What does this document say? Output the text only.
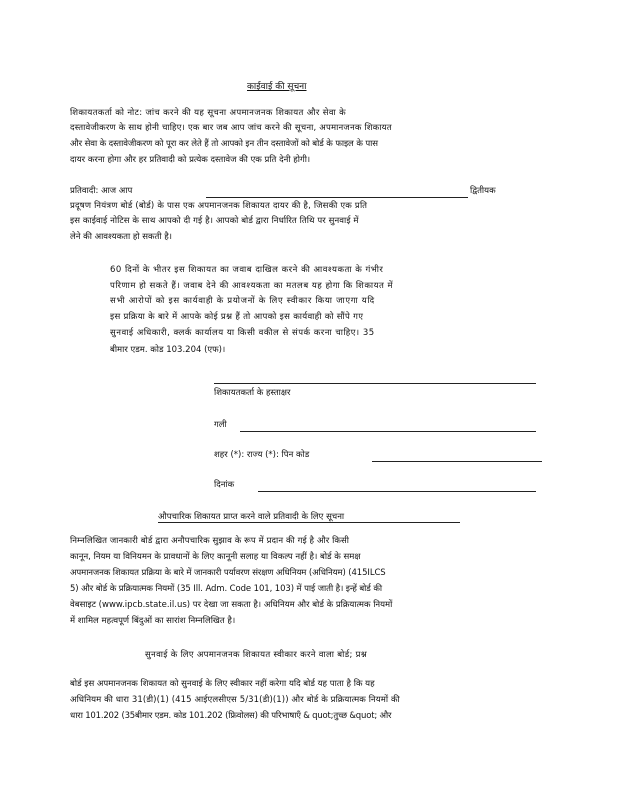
काईवाई की सूचना
शिकायतकर्ता को नोट: जांच करने की यह सूचना अपमानजनक शिकायत और सेवा के
दस्तावेजीकरण के साथ होनी चाहिए। एक बार जब आप जांच करने की सूचना, अपमानजनक शिकायत
और सेवा के दस्तावेजीकरण को पूरा कर लेते हैं तो आपको इन तीन दस्तावेजों को बोर्ड के फाइल के पास
दायर करना होगा और हर प्रतिवादी को प्रत्येक दस्तावेज की एक प्रति देनी होगी।
प्रतिवादी: आज आप	द्वितीयक
प्रदूषण नियंत्रण बोर्ड (बोर्ड) के पास एक अपमानजनक शिकायत दायर की है, जिसकी एक प्रति
इस काईवाई नोटिस के साथ आपको दी गई है। आपको बोर्ड द्वारा निर्धारित तिथि पर सुनवाई में
लेने की आवश्यकता हो सकती है।
60 दिनों के भीतर इस शिकायत का जवाब दाखिल करने की आवश्यकता के गंभीर
परिणाम हो सकते हैं। जवाब देने की आवश्यकता का मतलब यह होगा कि शिकायत में
सभी आरोपों को इस कार्यवाही के प्रयोजनों के लिए स्वीकार किया जाएगा यदि
इस प्रक्रिया के बारे में आपके कोई प्रश्न हैं तो आपको इस कार्यवाही को सौंपे गए
सुनवाई अधिकारी, क्लर्क कार्यालय या किसी वकील से संपर्क करना चाहिए। 35
बीमार एडम. कोड 103.204 (एफ)।
शिकायतकर्ता के हस्ताक्षर
गली
शहर (*): राज्य (*): पिन कोड
दिनांक
औपचारिक शिकायत प्राप्त करने वाले प्रतिवादी के लिए सूचना
निम्नलिखित जानकारी बोर्ड द्वारा अनौपचारिक सुझाव के रूप में प्रदान की गई है और किसी
कानून, नियम या विनियमन के प्रावधानों के लिए कानूनी सलाह या विकल्प नहीं है। बोर्ड के समक्ष
अपमानजनक शिकायत प्रक्रिया के बारे में जानकारी पर्यावरण संरक्षण अधिनियम (अधिनियम) (415ILCS
5) और बोर्ड के प्रक्रियात्मक नियमों (35 Ill. Adm. Code 101, 103) में पाई जाती है। इन्हें बोर्ड की
वेबसाइट (www.ipcb.state.il.us) पर देखा जा सकता है। अधिनियम और बोर्ड के प्रक्रियात्मक नियमों
में शामिल महत्वपूर्ण बिंदुओं का सारांश निम्नलिखित है।
सुनवाई के लिए अपमानजनक शिकायत स्वीकार करने वाला बोर्ड; प्रश्न
बोर्ड इस अपमानजनक शिकायत को सुनवाई के लिए स्वीकार नहीं करेगा यदि बोर्ड यह पाता है कि यह
अधिनियम की धारा 31(डी)(1) (415 आईएलसीएस 5/31(डी)(1)) और बोर्ड के प्रक्रियात्मक नियमों की
धारा 101.202 (35बीमार एडम. कोड 101.202 (फ्रिवोलस) की परिभाषाएँ & quot;तुच्छ &quot; और
